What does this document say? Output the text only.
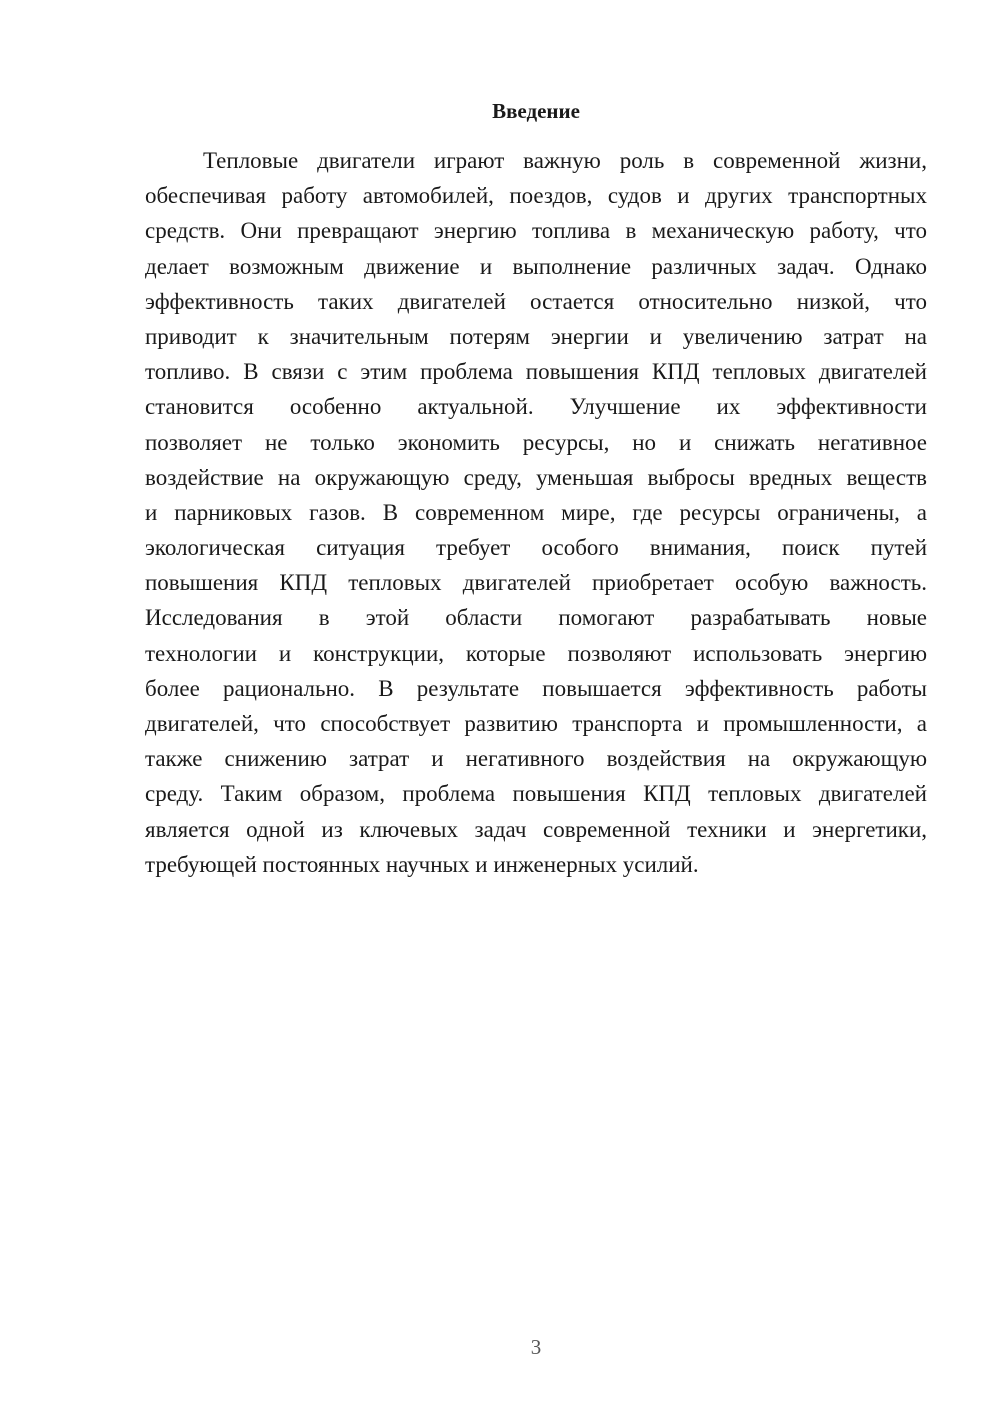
Введение
Тепловые двигатели играют важную роль в современной жизни,
обеспечивая работу автомобилей, поездов, судов и других транспортных
средств. Они превращают энергию топлива в механическую работу, что
делает возможным движение и выполнение различных задач. Однако
эффективность таких двигателей остается относительно низкой, что
приводит к значительным потерям энергии и увеличению затрат на
топливо. В связи с этим проблема повышения КПД тепловых двигателей
становится особенно актуальной. Улучшение их эффективности
позволяет не только экономить ресурсы, но и снижать негативное
воздействие на окружающую среду, уменьшая выбросы вредных веществ
и парниковых газов. В современном мире, где ресурсы ограничены, а
экологическая ситуация требует особого внимания, поиск путей
повышения КПД тепловых двигателей приобретает особую важность.
Исследования в этой области помогают разрабатывать новые
технологии и конструкции, которые позволяют использовать энергию
более рационально. В результате повышается эффективность работы
двигателей, что способствует развитию транспорта и промышленности, а
также снижению затрат и негативного воздействия на окружающую
среду. Таким образом, проблема повышения КПД тепловых двигателей
является одной из ключевых задач современной техники и энергетики,
требующей постоянных научных и инженерных усилий.
3
